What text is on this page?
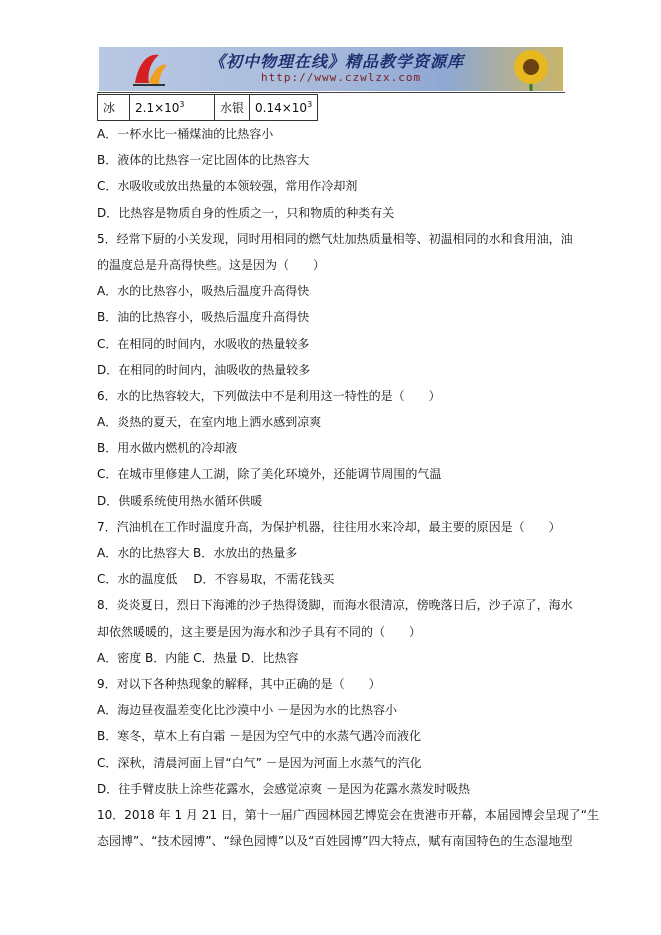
《初中物理在线》精品教学资源库
http://www.czwlzx.com
冰	$2.1\times 10^3$	水银	$0.14\times 10^3$
A．一杯水比一桶煤油的比热容小
B．液体的比热容一定比固体的比热容大
C．水吸收或放出热量的本领较强，常用作冷却剂
D．比热容是物质自身的性质之一，只和物质的种类有关
5．经常下厨的小关发现，同时用相同的燃气灶加热质量相等、初温相同的水和食用油，油
的温度总是升高得快些。这是因为（　　）
A．水的比热容小，吸热后温度升高得快
B．油的比热容小，吸热后温度升高得快
C．在相同的时间内，水吸收的热量较多
D．在相同的时间内，油吸收的热量较多
6．水的比热容较大，下列做法中不是利用这一特性的是（　　）
A．炎热的夏天，在室内地上洒水感到凉爽
B．用水做内燃机的冷却液
C．在城市里修建人工湖，除了美化环境外，还能调节周围的气温
D．供暖系统使用热水循环供暖
7．汽油机在工作时温度升高，为保护机器，往往用水来冷却，最主要的原因是（　　）
A．水的比热容大 B．水放出的热量多
C．水的温度低　 D．不容易取，不需花钱买
8．炎炎夏日，烈日下海滩的沙子热得烫脚，而海水很清凉，傍晚落日后，沙子凉了，海水
却依然暖暖的，这主要是因为海水和沙子具有不同的（　　）
A．密度 B．内能 C．热量 D．比热容
9．对以下各种热现象的解释，其中正确的是（　　）
A．海边昼夜温差变化比沙漠中小 －是因为水的比热容小
B．寒冬，草木上有白霜 －是因为空气中的水蒸气遇冷而液化
C．深秋，清晨河面上冒“白气” －是因为河面上水蒸气的汽化
D．往手臂皮肤上涂些花露水，会感觉凉爽 －是因为花露水蒸发时吸热
10．2018 年 1 月 21 日，第十一届广西园林园艺博览会在贵港市开幕，本届园博会呈现了“生
态园博”、“技术园博”、“绿色园博”以及“百姓园博”四大特点，赋有南国特色的生态湿地型
